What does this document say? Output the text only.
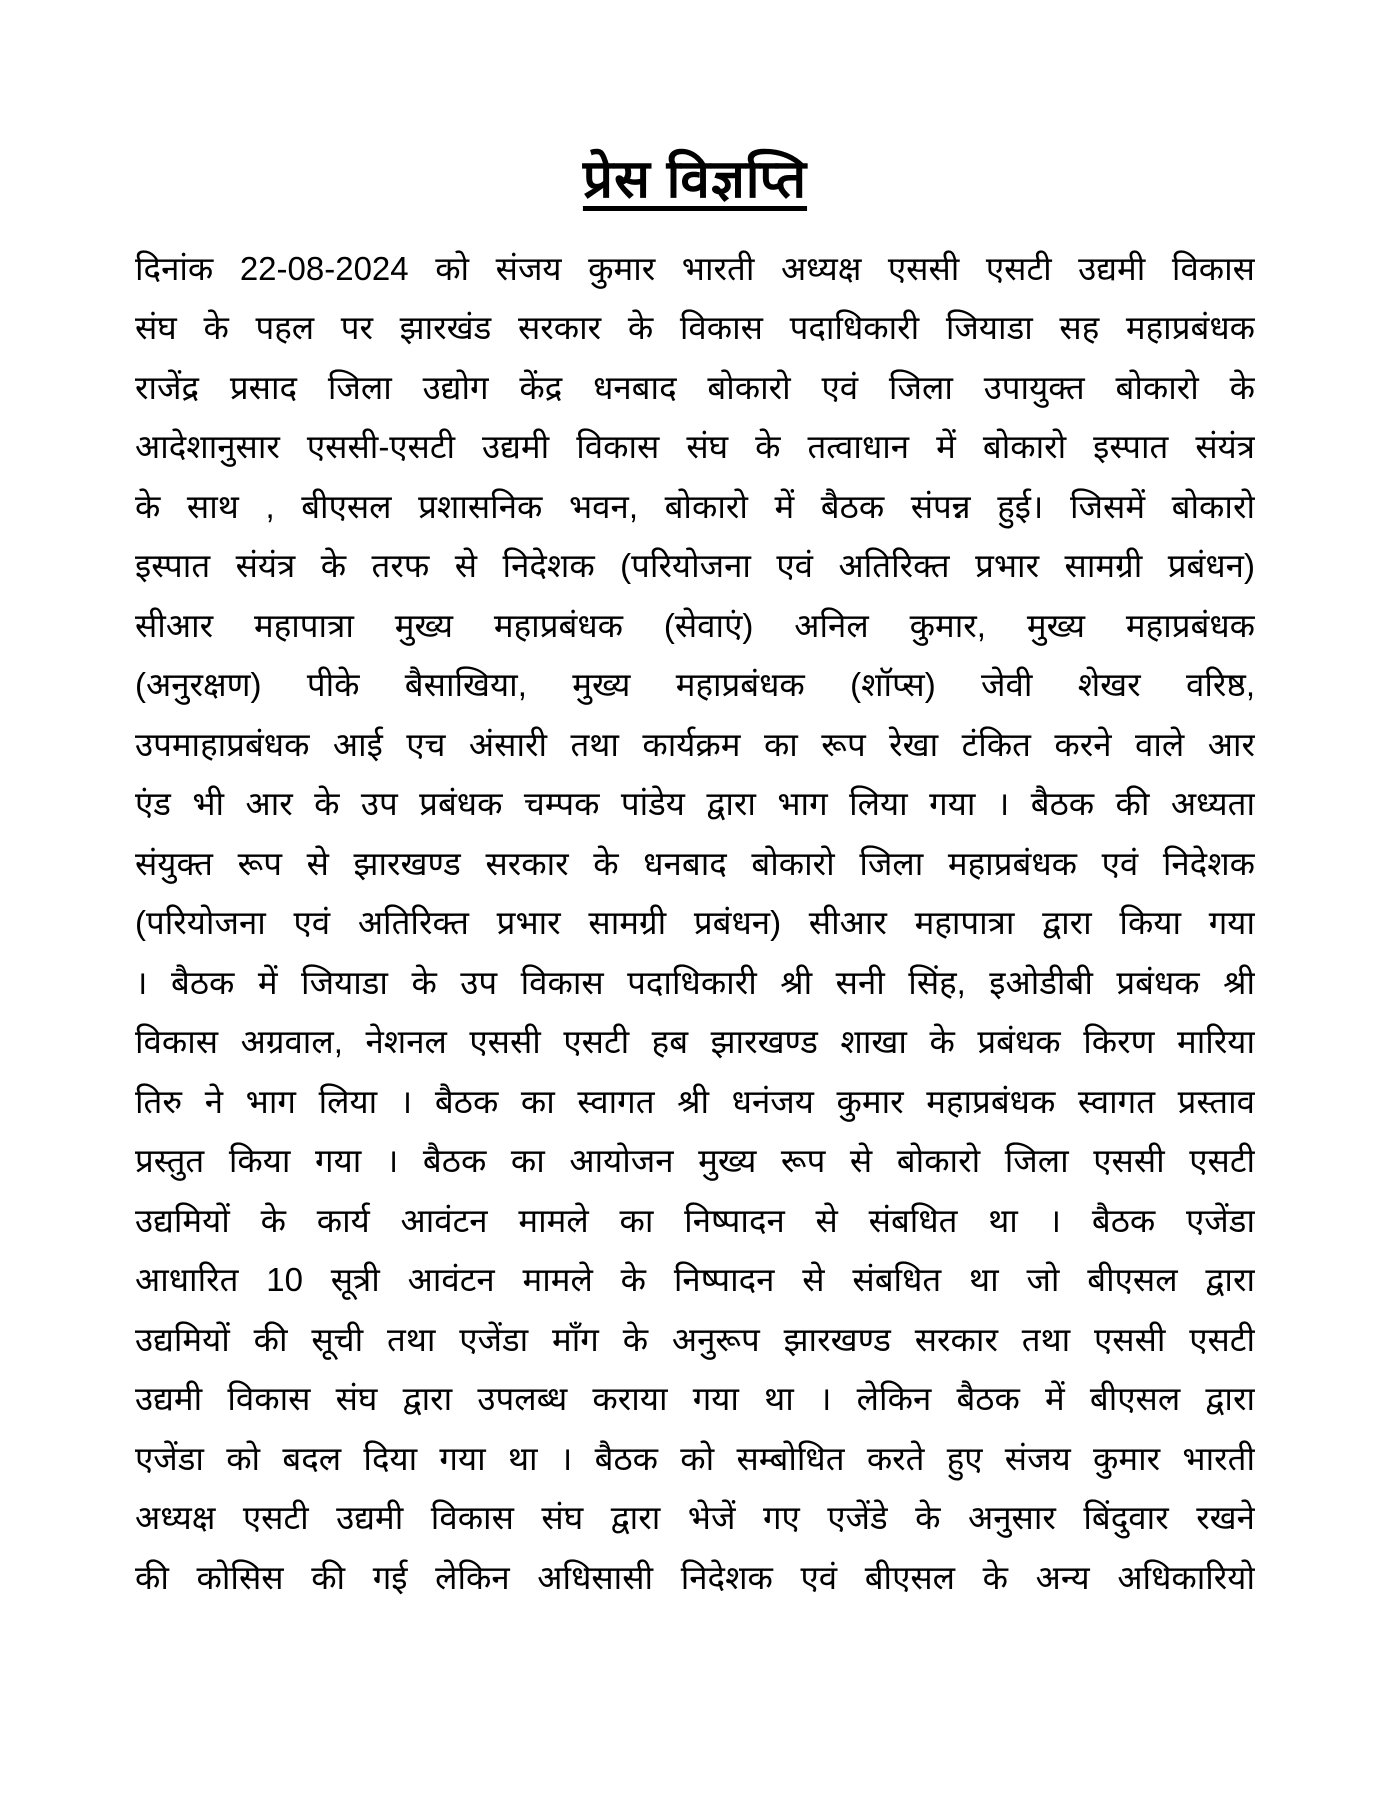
प्रेस विज्ञप्ति
दिनांक 22-08-2024 को संजय कुमार भारती अध्यक्ष एससी एसटी उद्यमी विकास
संघ के पहल पर झारखंड सरकार के विकास पदाधिकारी जियाडा सह महाप्रबंधक
राजेंद्र प्रसाद जिला उद्योग केंद्र धनबाद बोकारो एवं जिला उपायुक्त बोकारो के
आदेशानुसार एससी-एसटी उद्यमी विकास संघ के तत्वाधान में बोकारो इस्पात संयंत्र
के साथ , बीएसल प्रशासनिक भवन, बोकारो में बैठक संपन्न हुई। जिसमें बोकारो
इस्पात संयंत्र के तरफ से निदेशक (परियोजना एवं अतिरिक्त प्रभार सामग्री प्रबंधन)
सीआर महापात्रा मुख्य महाप्रबंधक (सेवाएं) अनिल कुमार, मुख्य महाप्रबंधक
(अनुरक्षण) पीके बैसाखिया, मुख्य महाप्रबंधक (शॉप्स) जेवी शेखर वरिष्ठ,
उपमाहाप्रबंधक आई एच अंसारी तथा कार्यक्रम का रूप रेखा टंकित करने वाले आर
एंड भी आर के उप प्रबंधक चम्पक पांडेय द्वारा भाग लिया गया । बैठक की अध्यता
संयुक्त रूप से झारखण्ड सरकार के धनबाद बोकारो जिला महाप्रबंधक एवं निदेशक
(परियोजना एवं अतिरिक्त प्रभार सामग्री प्रबंधन) सीआर महापात्रा द्वारा किया गया
। बैठक में जियाडा के उप विकास पदाधिकारी श्री सनी सिंह, इओडीबी प्रबंधक श्री
विकास अग्रवाल, नेशनल एससी एसटी हब झारखण्ड शाखा के प्रबंधक किरण मारिया
तिरु ने भाग लिया । बैठक का स्वागत श्री धनंजय कुमार महाप्रबंधक स्वागत प्रस्ताव
प्रस्तुत किया गया । बैठक का आयोजन मुख्य रूप से बोकारो जिला एससी एसटी
उद्यमियों के कार्य आवंटन मामले का निष्पादन से संबधित था । बैठक एजेंडा
आधारित 10 सूत्री आवंटन मामले के निष्पादन से संबधित था जो बीएसल द्वारा
उद्यमियों की सूची तथा एजेंडा माँग के अनुरूप झारखण्ड सरकार तथा एससी एसटी
उद्यमी विकास संघ द्वारा उपलब्ध कराया गया था । लेकिन बैठक में बीएसल द्वारा
एजेंडा को बदल दिया गया था । बैठक को सम्बोधित करते हुए संजय कुमार भारती
अध्यक्ष एसटी उद्यमी विकास संघ द्वारा भेजें गए एजेंडे के अनुसार बिंदुवार रखने
की कोसिस की गई लेकिन अधिसासी निदेशक एवं बीएसल के अन्य अधिकारियो
